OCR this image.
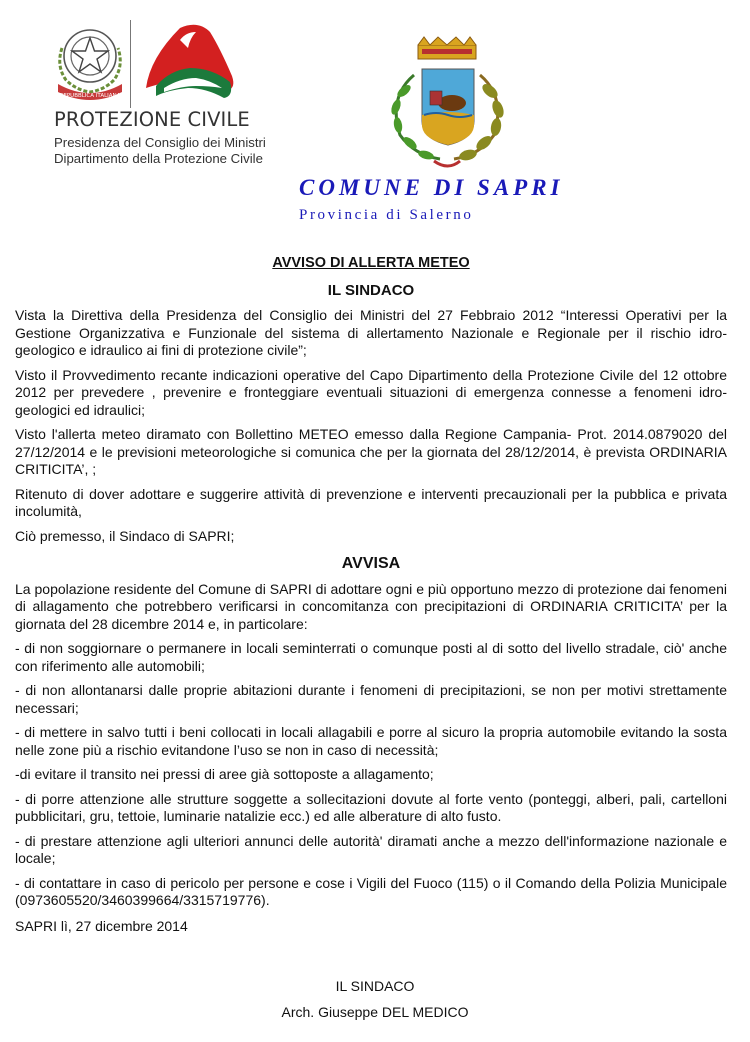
REPUBBLICA ITALIANA
PROTEZIONE CIVILE
Presidenza del Consiglio dei Ministri
Dipartimento della Protezione Civile
COMUNE DI SAPRI
Provincia di Salerno
AVVISO DI ALLERTA METEO
IL SINDACO

Vista la Direttiva della Presidenza del Consiglio dei Ministri del 27 Febbraio 2012 “Interessi Operativi per la Gestione Organizzativa e Funzionale del sistema di allertamento Nazionale e Regionale per il rischio idro-geologico e idraulico ai fini di protezione civile”;

Visto il Provvedimento recante indicazioni operative del Capo Dipartimento della Protezione Civile del 12 ottobre 2012 per prevedere , prevenire e fronteggiare eventuali situazioni di emergenza connesse a fenomeni idro-geologici ed idraulici;

Visto l'allerta meteo diramato con Bollettino METEO emesso dalla Regione Campania- Prot. 2014.0879020 del 27/12/2014 e le previsioni meteorologiche si comunica che per la giornata del 28/12/2014, è prevista ORDINARIA CRITICITA’, ;

Ritenuto di dover adottare e suggerire attività di prevenzione e interventi precauzionali per la pubblica e privata incolumità,

Ciò premesso, il Sindaco di SAPRI;

AVVISA

La popolazione residente del Comune di SAPRI di adottare ogni e più opportuno mezzo di protezione dai fenomeni di allagamento che potrebbero verificarsi in concomitanza con precipitazioni di ORDINARIA CRITICITA’ per la giornata del 28 dicembre 2014 e, in particolare:

- di non soggiornare o permanere in locali seminterrati o comunque posti al di sotto del livello stradale, ciò' anche con riferimento alle automobili;

- di non allontanarsi dalle proprie abitazioni durante i fenomeni di precipitazioni, se non per motivi strettamente necessari;

- di mettere in salvo tutti i beni collocati in locali allagabili e porre al sicuro la propria automobile evitando la sosta nelle zone più a rischio evitandone l’uso se non in caso di necessità;

-di evitare il transito nei pressi di aree già sottoposte a allagamento;

- di porre attenzione alle strutture soggette a sollecitazioni dovute al forte vento (ponteggi, alberi, pali, cartelloni pubblicitari, gru, tettoie, luminarie natalizie ecc.) ed alle alberature di alto fusto.

- di prestare attenzione agli ulteriori annunci delle autorità' diramati anche a mezzo dell'informazione nazionale e locale;

- di contattare in caso di pericolo per persone e cose i Vigili del Fuoco (115) o il Comando della Polizia Municipale (0973605520/3460399664/3315719776).

SAPRI lì, 27 dicembre 2014

IL SINDACO
Arch. Giuseppe DEL MEDICO
